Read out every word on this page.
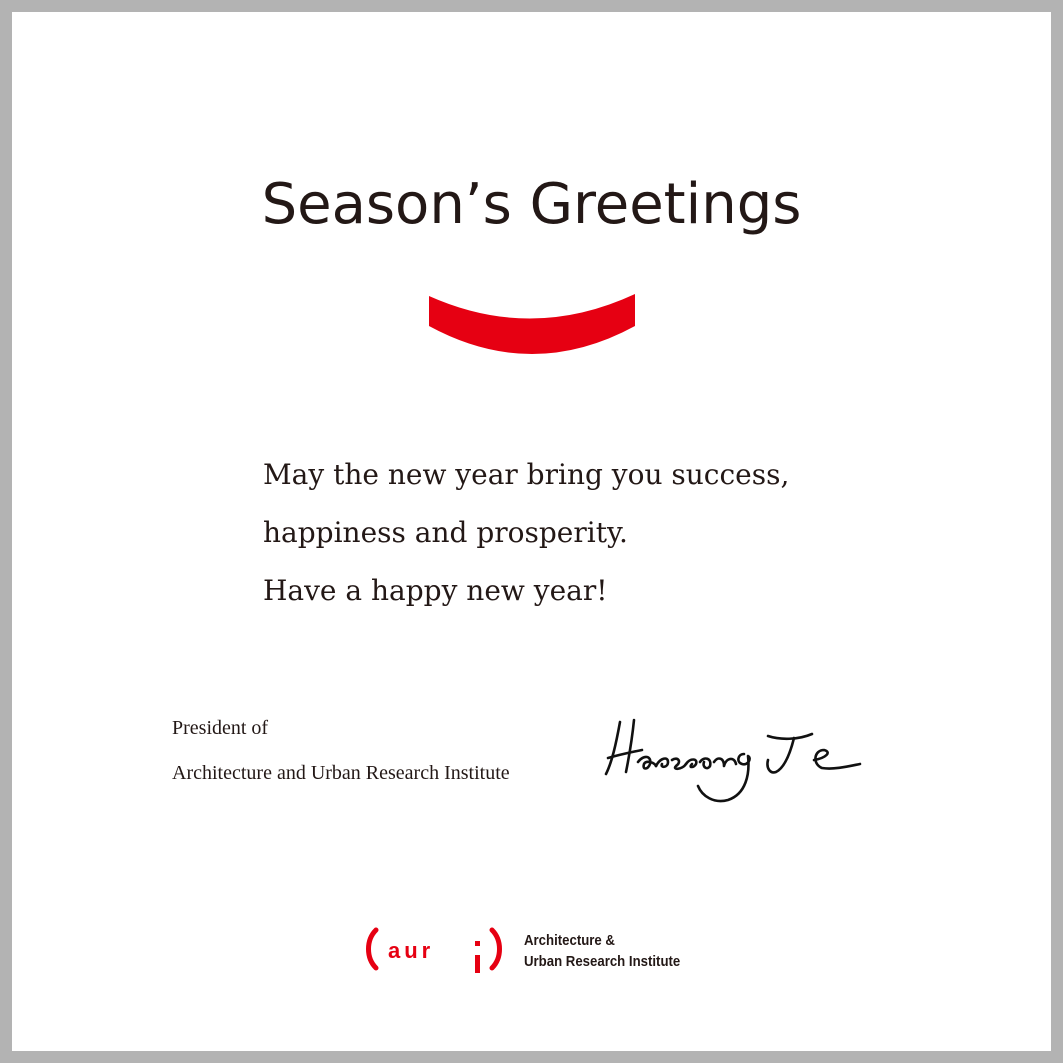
Season’s Greetings
May the new year bring you success,
happiness and prosperity.
Have a happy new year!
President of
Architecture and Urban Research Institute
aur	Architecture &
Urban Research Institute
